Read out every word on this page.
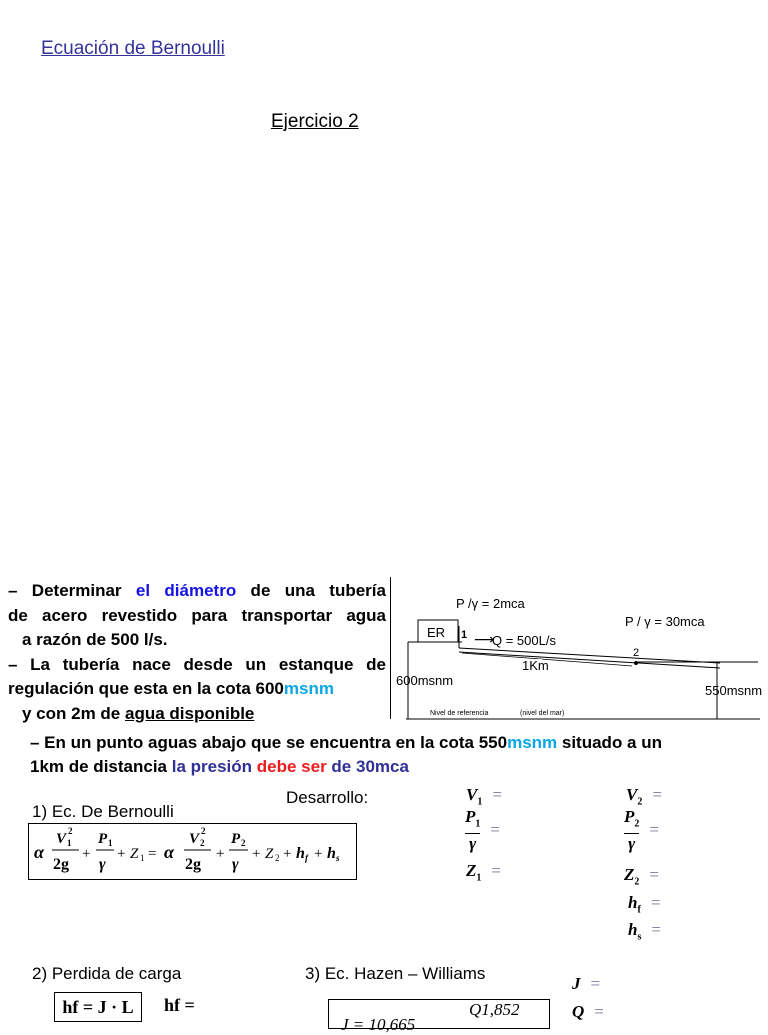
Ecuación de Bernoulli
Ejercicio 2
– Determinar el diámetro de una tubería
de acero revestido para transportar agua
a razón de 500 l/s.
– La tubería nace desde un estanque de
regulación que esta en la cota 600msnm
y con 2m de agua disponible
P /γ = 2mca
P / γ = 30mca
ER 1 ⟶
Q = 500L/s
2
1Km
600msnm
550msnm
Nivel de referencia	(nivel del mar)
– En un punto aguas abajo que se encuentra en la cota 550msnm situado a un
1km de distancia la presión debe ser de 30mca
1) Ec. De Bernoulli
Desarrollo:
α
V 2
1
2g
+
P 1
γ
+ Z 1 = α
V 2
2
2g
+
P 2
γ
+ Z 2 + h f + h s
$V_1$ =
$\frac{P_1}{\gamma}$ =
$Z_1$ =
$V_2$ =
$\frac{P_2}{\gamma}$ =
$Z_2$ =
$h_f$ =
$h_s$ =
2) Perdida de carga
hf = J · L	hf =
3) Ec. Hazen – Williams
J = 10,665
Q1,852
J =
Q =
